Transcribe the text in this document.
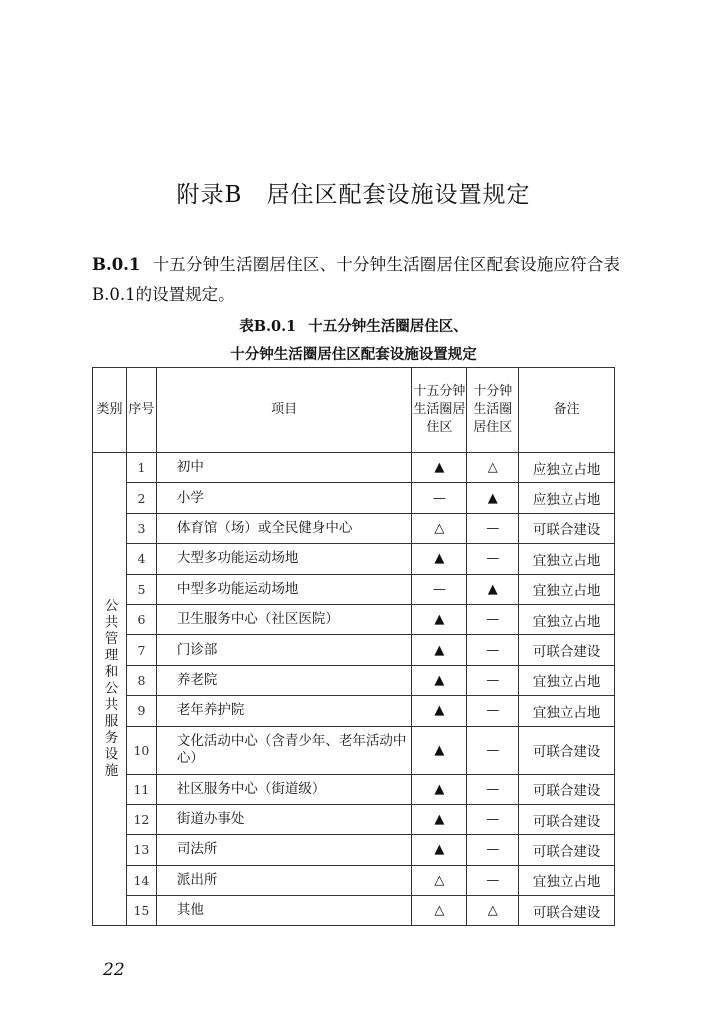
附录B　居住区配套设施设置规定
B.0.1 十五分钟生活圈居住区、十分钟生活圈居住区配套设施应符合表B.0.1的设置规定。
表B.0.1 十五分钟生活圈居住区、
十分钟生活圈居住区配套设施设置规定
类别	序号	项目	十五分钟生活圈居住区	十分钟生活圈居住区	备注
公共管理和公共服务设施	1	初中	▲	△	应独立占地
	2	小学	—	▲	应独立占地
	3	体育馆（场）或全民健身中心	△	—	可联合建设
	4	大型多功能运动场地	▲	—	宜独立占地
	5	中型多功能运动场地	—	▲	宜独立占地
	6	卫生服务中心（社区医院）	▲	—	宜独立占地
	7	门诊部	▲	—	可联合建设
	8	养老院	▲	—	宜独立占地
	9	老年养护院	▲	—	宜独立占地
	10	文化活动中心（含青少年、老年活动中心）	▲	—	可联合建设
	11	社区服务中心（街道级）	▲	—	可联合建设
	12	街道办事处	▲	—	可联合建设
	13	司法所	▲	—	可联合建设
	14	派出所	△	—	宜独立占地
	15	其他	△	△	可联合建设
22
